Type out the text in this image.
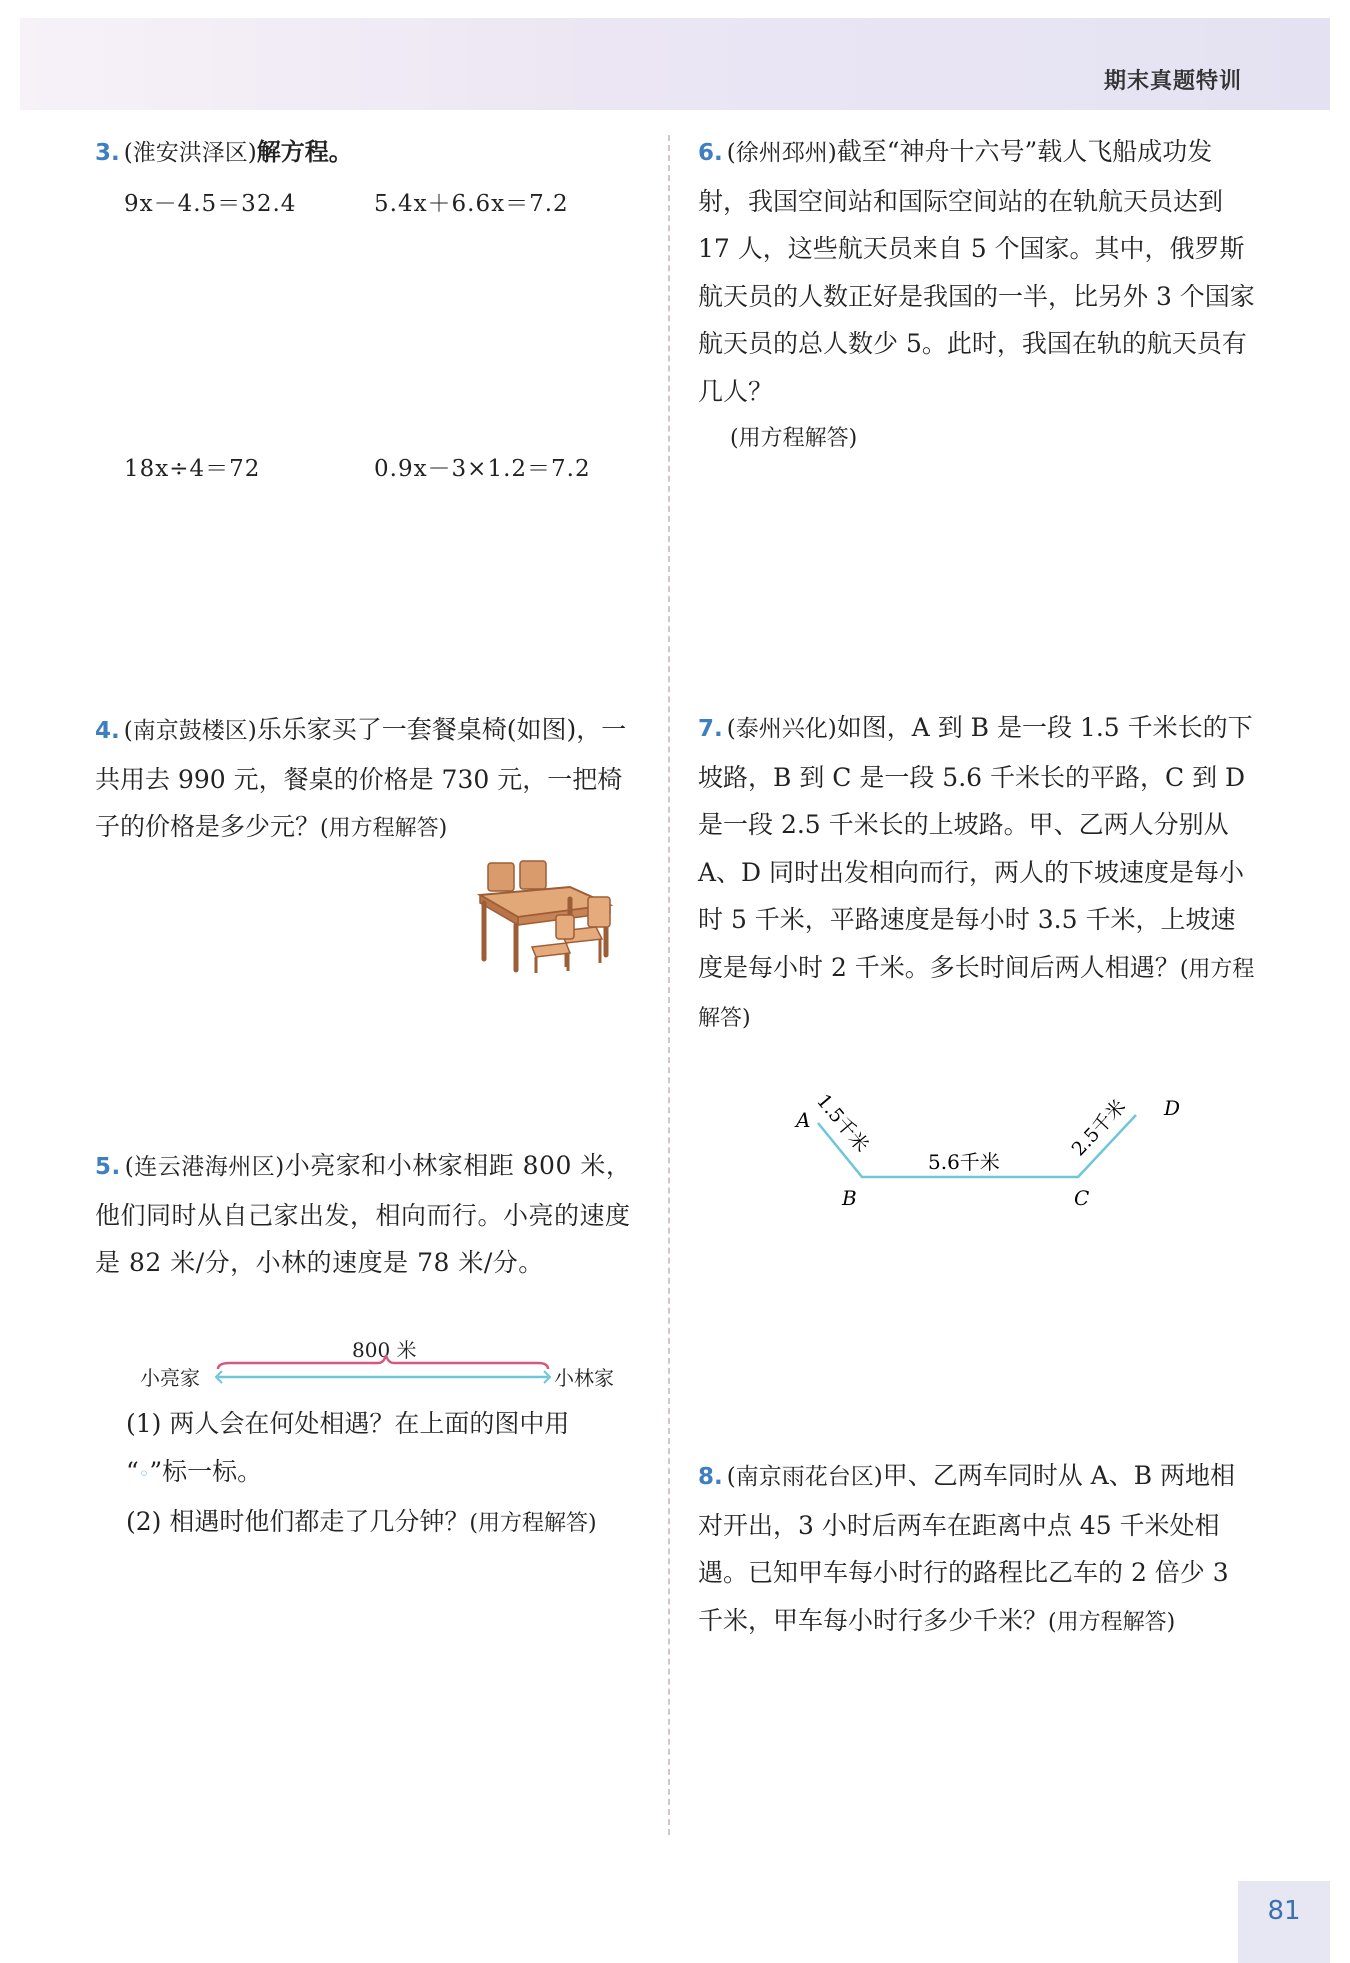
期末真题特训
3. (淮安洪泽区)解方程。
9x－4.5＝32.4	5.4x＋6.6x＝7.2
18x÷4＝72	0.9x－3×1.2＝7.2
4. (南京鼓楼区)乐乐家买了一套餐桌椅(如图)，一共用去 990 元，餐桌的价格是 730 元，一把椅子的价格是多少元？(用方程解答)
5. (连云港海州区)小亮家和小林家相距 800 米，他们同时从自己家出发，相向而行。小亮的速度是 82 米/分，小林的速度是 78 米/分。
800 米
小亮家	小林家
(1) 两人会在何处相遇？在上面的图中用
“◦”标一标。
(2) 相遇时他们都走了几分钟？(用方程解答)
6. (徐州邳州)截至“神舟十六号”载人飞船成功发射，我国空间站和国际空间站的在轨航天员达到 17 人，这些航天员来自 5 个国家。其中，俄罗斯航天员的人数正好是我国的一半，比另外 3 个国家航天员的总人数少 5。此时，我国在轨的航天员有几人？
(用方程解答)
7. (泰州兴化)如图，A 到 B 是一段 1.5 千米长的下坡路，B 到 C 是一段 5.6 千米长的平路，C 到 D 是一段 2.5 千米长的上坡路。甲、乙两人分别从 A、D 同时出发相向而行，两人的下坡速度是每小时 5 千米，平路速度是每小时 3.5 千米，上坡速度是每小时 2 千米。多长时间后两人相遇？(用方程解答)
A
B	C
D
1.5千米
5.6千米
2.5千米
8. (南京雨花台区)甲、乙两车同时从 A、B 两地相对开出，3 小时后两车在距离中点 45 千米处相遇。已知甲车每小时行的路程比乙车的 2 倍少 3 千米，甲车每小时行多少千米？(用方程解答)
81
